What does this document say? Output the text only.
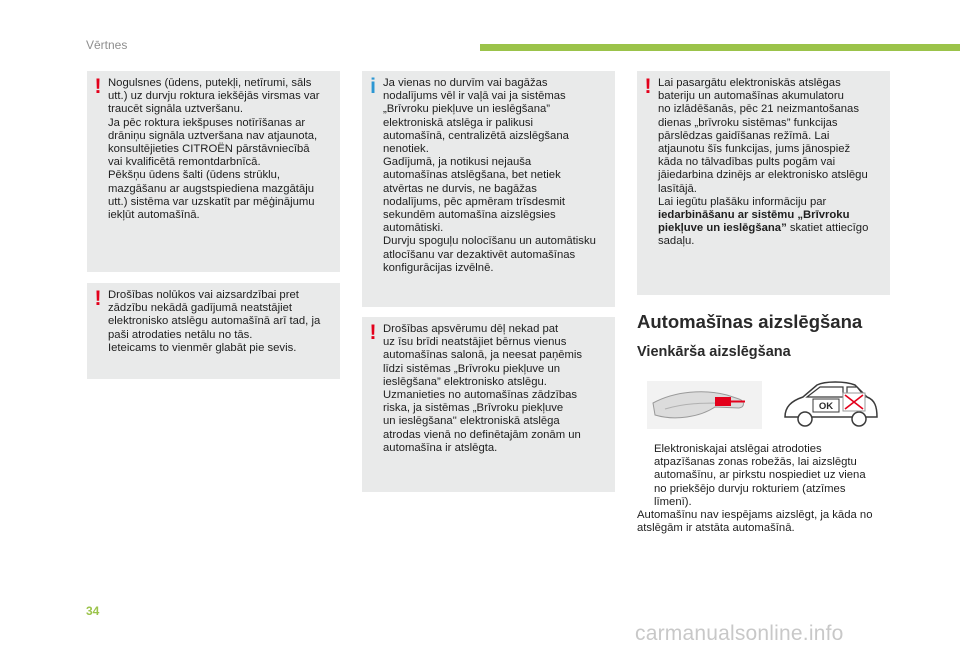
Vērtnes
! Nogulsnes (ūdens, putekļi, netīrumi, sāls
utt.) uz durvju roktura iekšējās virsmas var
traucēt signāla uztveršanu.
Ja pēc roktura iekšpuses notīrīšanas ar
drāniņu signāla uztveršana nav atjaunota,
konsultējieties CITROËN pārstāvniecībā
vai kvalificētā remontdarbnīcā.
Pēkšņu ūdens šalti (ūdens strūklu,
mazgāšanu ar augstspiediena mazgātāju
utt.) sistēma var uzskatīt par mēģinājumu
iekļūt automašīnā.
! Drošības nolūkos vai aizsardzībai pret
zādzību nekādā gadījumā neatstājiet
elektronisko atslēgu automašīnā arī tad, ja
paši atrodaties netālu no tās.
Ieteicams to vienmēr glabāt pie sevis.
i Ja vienas no durvīm vai bagāžas
nodalījums vēl ir vaļā vai ja sistēmas
„Brīvroku piekļuve un ieslēgšana”
elektroniskā atslēga ir palikusi
automašīnā, centralizētā aizslēgšana
nenotiek.
Gadījumā, ja notikusi nejauša
automašīnas atslēgšana, bet netiek
atvērtas ne durvis, ne bagāžas
nodalījums, pēc apmēram trīsdesmit
sekundēm automašīna aizslēgsies
automātiski.
Durvju spoguļu nolocīšanu un automātisku
atlocīšanu var dezaktivēt automašīnas
konfigurācijas izvēlnē.
! Drošības apsvērumu dēļ nekad pat
uz īsu brīdi neatstājiet bērnus vienus
automašīnas salonā, ja neesat paņēmis
līdzi sistēmas „Brīvroku piekļuve un
ieslēgšana” elektronisko atslēgu.
Uzmanieties no automašīnas zādzības
riska, ja sistēmas „Brīvroku piekļuve
un ieslēgšana" elektroniskā atslēga
atrodas vienā no definētajām zonām un
automašīna ir atslēgta.
! Lai pasargātu elektroniskās atslēgas
bateriju un automašīnas akumulatoru
no izlādēšanās, pēc 21 neizmantošanas
dienas „brīvroku sistēmas” funkcijas
pārslēdzas gaidīšanas režīmā. Lai
atjaunotu šīs funkcijas, jums jānospiež
kāda no tālvadības pults pogām vai
jāiedarbina dzinējs ar elektronisko atslēgu
lasītājā.
Lai iegūtu plašāku informāciju par
iedarbināšanu ar sistēmu „Brīvroku
piekļuve un ieslēgšana” skatiet attiecīgo
sadaļu.
Automašīnas aizslēgšana
Vienkārša aizslēgšana
OK
Elektroniskajai atslēgai atrodoties
atpazīšanas zonas robežās, lai aizslēgtu
automašīnu, ar pirkstu nospiediet uz viena
no priekšējo durvju rokturiem (atzīmes
līmenī).
Automašīnu nav iespējams aizslēgt, ja kāda no
atslēgām ir atstāta automašīnā.
34
carmanualsonline.info
